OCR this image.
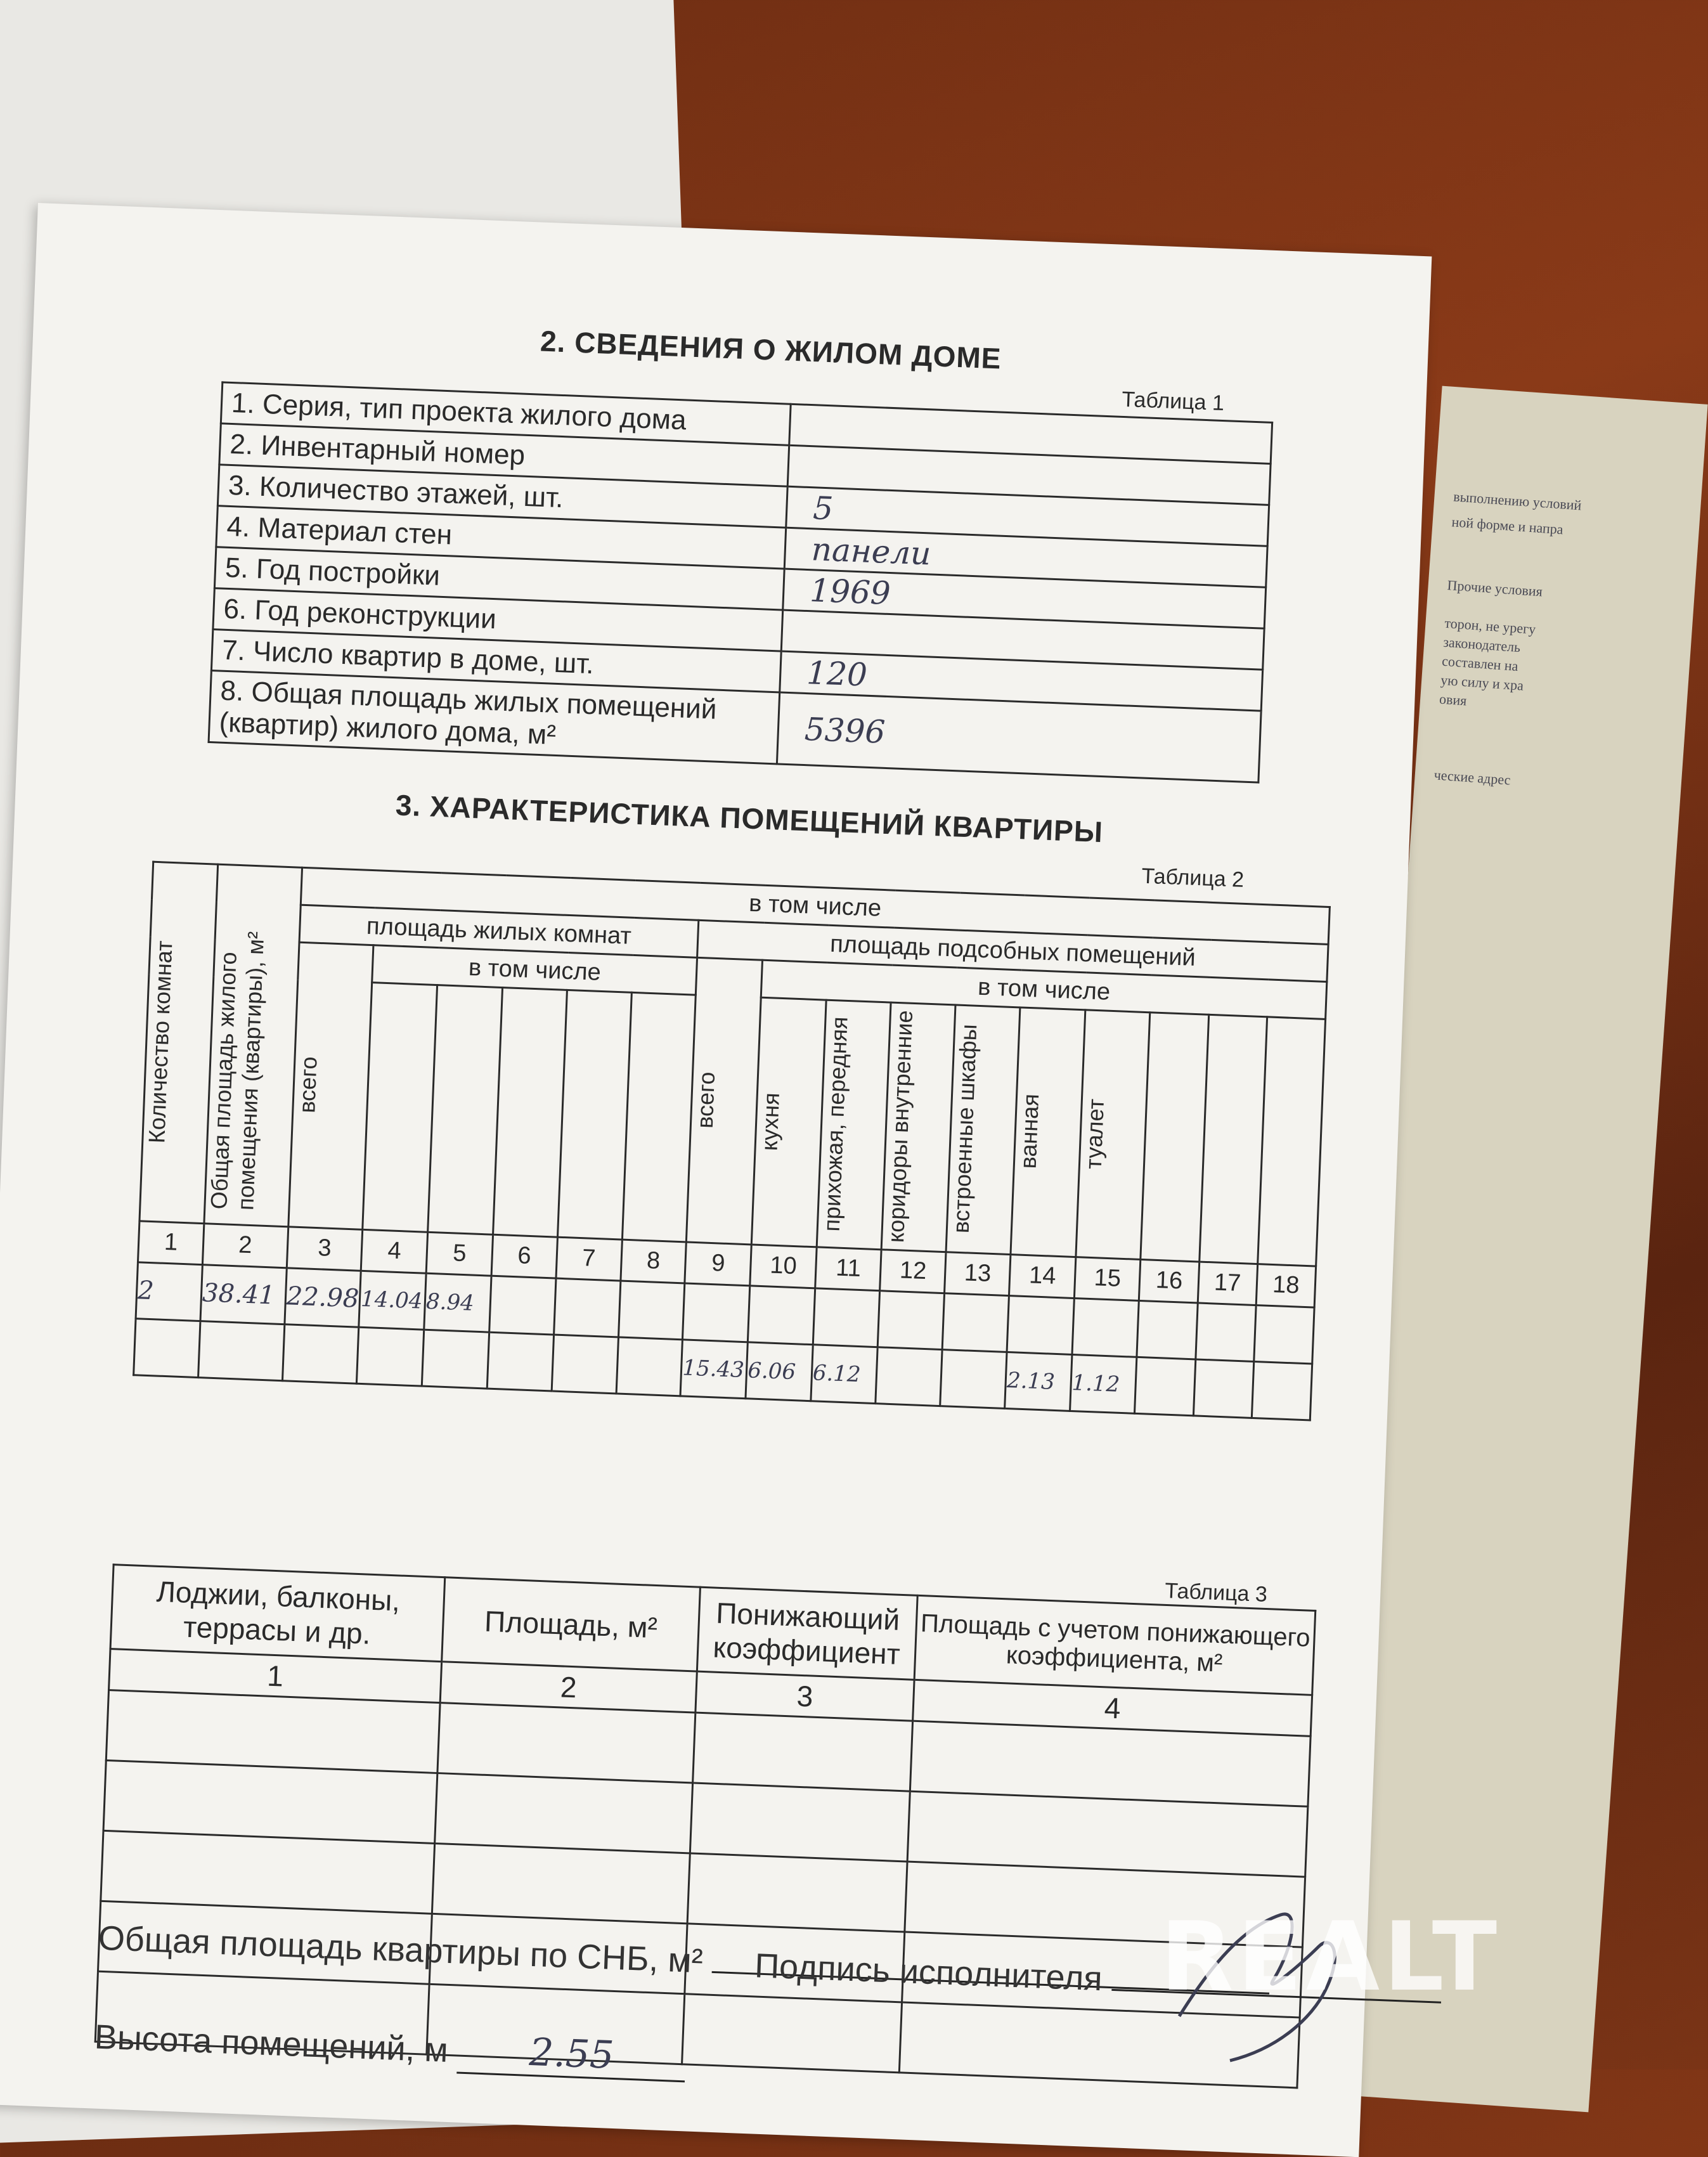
выполнению условий
ной форме и напра
Прочие условия
торон, не урегу
законодатель
составлен на
ую силу и хра
овия
ческие адрес
2. СВЕДЕНИЯ О ЖИЛОМ ДОМЕ
Таблица 1
1. Серия, тип проекта жилого дома	
2. Инвентарный номер	
3. Количество этажей, шт.	5
4. Материал стен	панели
5. Год постройки	1969
6. Год реконструкции	
7. Число квартир в доме, шт.	120
8. Общая площадь жилых помещений (квартир) жилого дома, м²	5396
3. ХАРАКТЕРИСТИКА ПОМЕЩЕНИЙ КВАРТИРЫ
Таблица 2
Количество комнат	Общая площадь жилого помещения (квартиры), м²	в том числе															
		площадь жилых комнат						площадь подсобных помещений									

		всего	в том числе					всего	в том числе								

									кухня	прихожая, передняя	коридоры внутренние	встроенные шкафы	ванная	туалет			

1	2	3	4	5	6	7	8	9	10	11	12	13	14	15	16	17	18
2	38.41	22.98	14.04	8.94													
								15.43	6.06	6.12			2.13	1.12			
Таблица 3
Лоджии, балконы, террасы и др.	Площадь, м²	Понижающий коэффициент	Площадь с учетом понижающего коэффициента, м²
1	2	3	4

Общая площадь квартиры по СНБ, м²
Высота помещений, м 2.55
Подпись исполнителя REALT
